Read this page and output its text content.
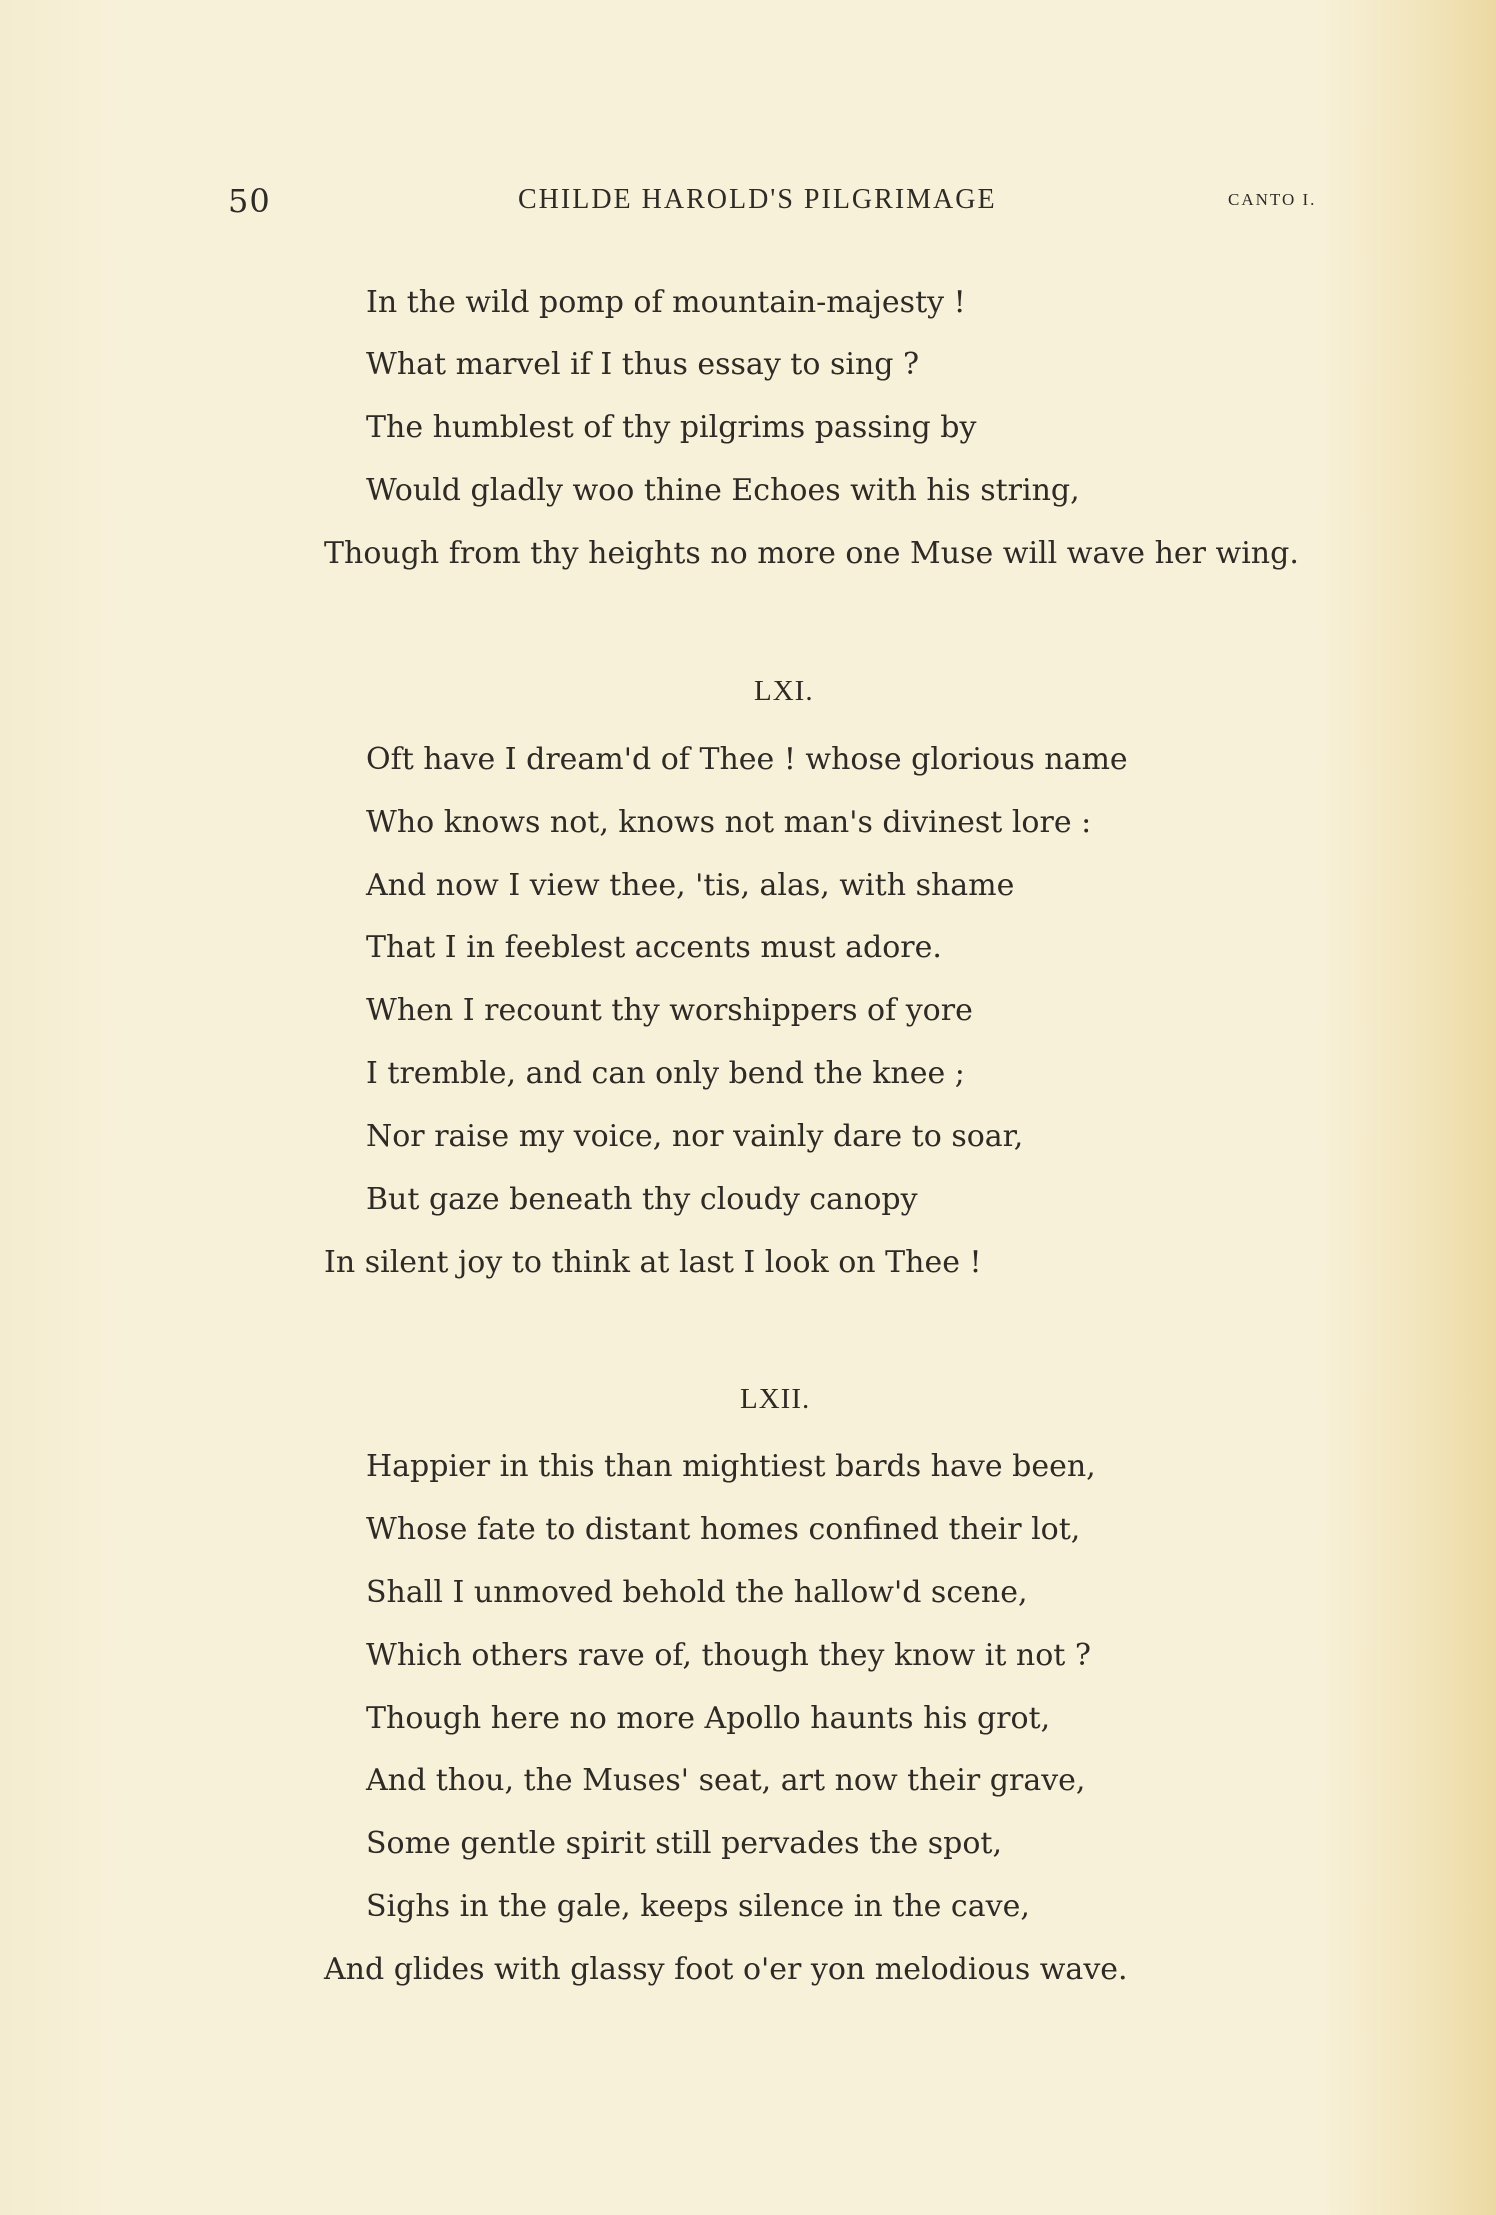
50	CHILDE HAROLD'S PILGRIMAGE	CANTO I.
In the wild pomp of mountain-majesty !
What marvel if I thus essay to sing ?
The humblest of thy pilgrims passing by
Would gladly woo thine Echoes with his string,
Though from thy heights no more one Muse will wave her wing.
LXI.
Oft have I dream'd of Thee ! whose glorious name
Who knows not, knows not man's divinest lore :
And now I view thee, 'tis, alas, with shame
That I in feeblest accents must adore.
When I recount thy worshippers of yore
I tremble, and can only bend the knee ;
Nor raise my voice, nor vainly dare to soar,
But gaze beneath thy cloudy canopy
In silent joy to think at last I look on Thee !
LXII.
Happier in this than mightiest bards have been,
Whose fate to distant homes confined their lot,
Shall I unmoved behold the hallow'd scene,
Which others rave of, though they know it not ?
Though here no more Apollo haunts his grot,
And thou, the Muses' seat, art now their grave,
Some gentle spirit still pervades the spot,
Sighs in the gale, keeps silence in the cave,
And glides with glassy foot o'er yon melodious wave.
